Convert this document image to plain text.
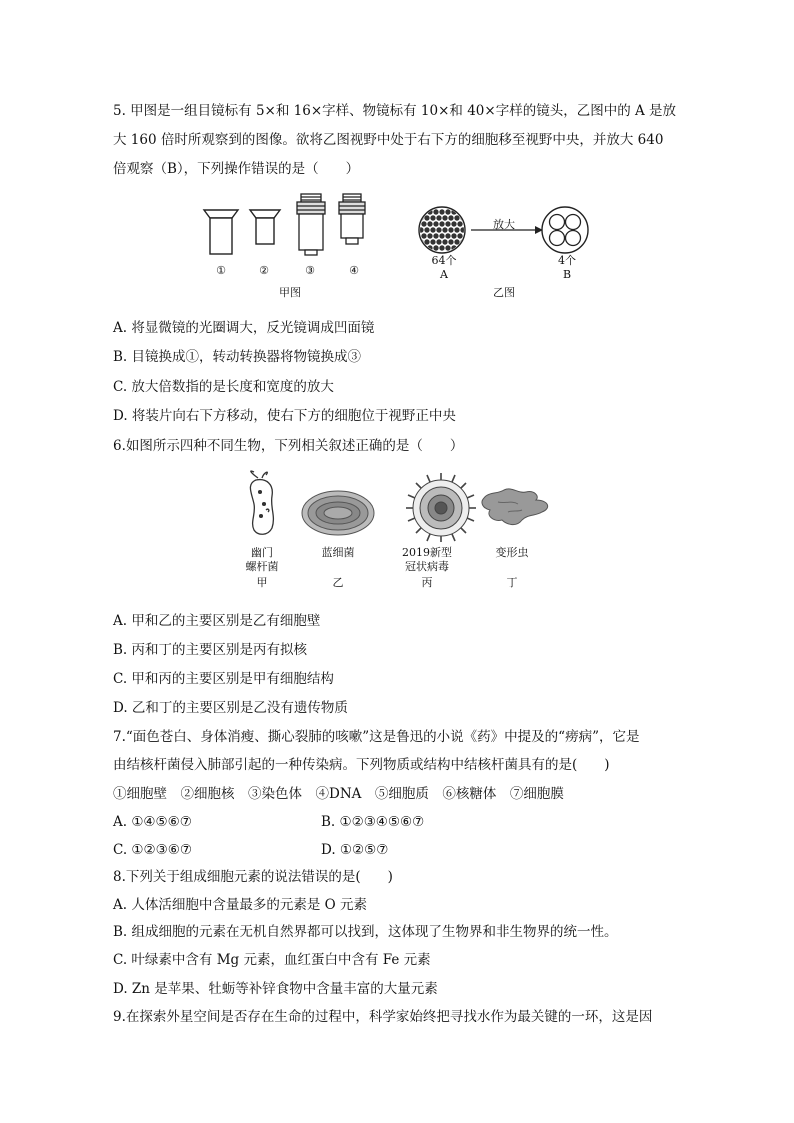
5. 甲图是一组目镜标有 5×和 16×字样、物镜标有 10×和 40×字样的镜头，乙图中的 A 是放
大 160 倍时所观察到的图像。欲将乙图视野中处于右下方的细胞移至视野中央，并放大 640
倍观察（B），下列操作错误的是（　　）
①	②	③	④
甲图
放大
64个
A
4个
B
乙图
A. 将显微镜的光圈调大，反光镜调成凹面镜
B. 目镜换成①，转动转换器将物镜换成③
C. 放大倍数指的是长度和宽度的放大
D. 将装片向右下方移动，使右下方的细胞位于视野正中央
6.如图所示四种不同生物，下列相关叙述正确的是（　　）
幽门
螺杆菌
甲
蓝细菌
乙
2019新型
冠状病毒
丙
变形虫
丁
A. 甲和乙的主要区别是乙有细胞壁
B. 丙和丁的主要区别是丙有拟核
C. 甲和丙的主要区别是甲有细胞结构
D. 乙和丁的主要区别是乙没有遗传物质
7.“面色苍白、身体消瘦、撕心裂肺的咳嗽”这是鲁迅的小说《药》中提及的“痨病”，它是
由结核杆菌侵入肺部引起的一种传染病。下列物质或结构中结核杆菌具有的是(　　)
①细胞壁　②细胞核　③染色体　④DNA　⑤细胞质　⑥核糖体　⑦细胞膜
A. ①④⑤⑥⑦	B. ①②③④⑤⑥⑦
C. ①②③⑥⑦	D. ①②⑤⑦
8.下列关于组成细胞元素的说法错误的是(　　)
A. 人体活细胞中含量最多的元素是 O 元素
B. 组成细胞的元素在无机自然界都可以找到，这体现了生物界和非生物界的统一性。
C. 叶绿素中含有 Mg 元素，血红蛋白中含有 Fe 元素
D. Zn 是苹果、牡蛎等补锌食物中含量丰富的大量元素
9.在探索外星空间是否存在生命的过程中，科学家始终把寻找水作为最关键的一环，这是因
